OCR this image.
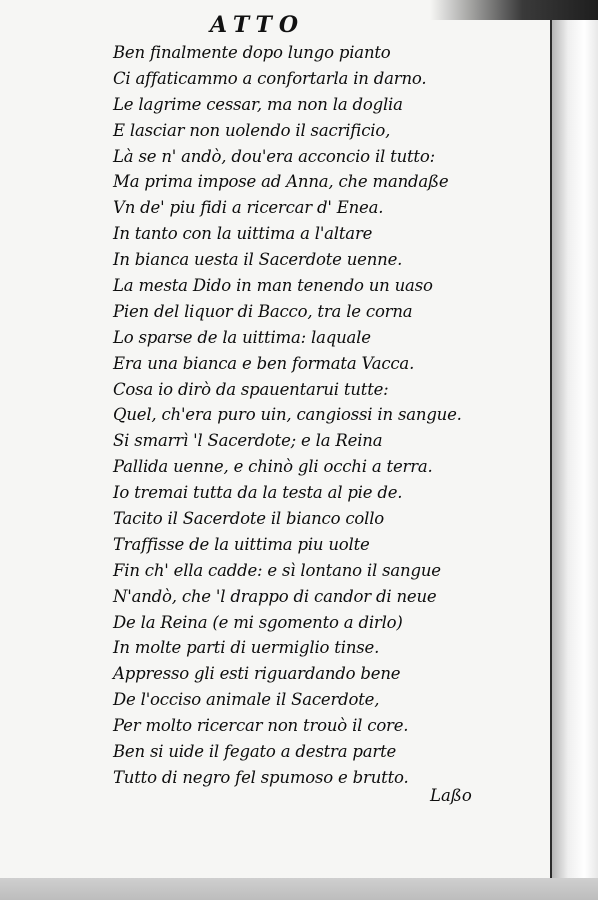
ATTO
Ben finalmente dopo lungo pianto
Ci affaticammo a confortarla in darno.
Le lagrime cessar, ma non la doglia
E lasciar non uolendo il sacrificio,
Là se n' andò, dou'era acconcio il tutto:
Ma prima impose ad Anna, che mandaße
Vn de' piu fidi a ricercar d' Enea.
In tanto con la uittima a l'altare
In bianca uesta il Sacerdote uenne.
La mesta Dido in man tenendo un uaso
Pien del liquor di Bacco, tra le corna
Lo sparse de la uittima: laquale
Era una bianca e ben formata Vacca.
Cosa io dirò da spauentarui tutte:
Quel, ch'era puro uin, cangiossi in sangue.
Si smarrì 'l Sacerdote; e la Reina
Pallida uenne, e chinò gli occhi a terra.
Io tremai tutta da la testa al pie de.
Tacito il Sacerdote il bianco collo
Traffisse de la uittima piu uolte
Fin ch' ella cadde: e sì lontano il sangue
N'andò, che 'l drappo di candor di neue
De la Reina (e mi sgomento a dirlo)
In molte parti di uermiglio tinse.
Appresso gli esti riguardando bene
De l'occiso animale il Sacerdote,
Per molto ricercar non trouò il core.
Ben si uide il fegato a destra parte
Tutto di negro fel spumoso e brutto.

Laßo
